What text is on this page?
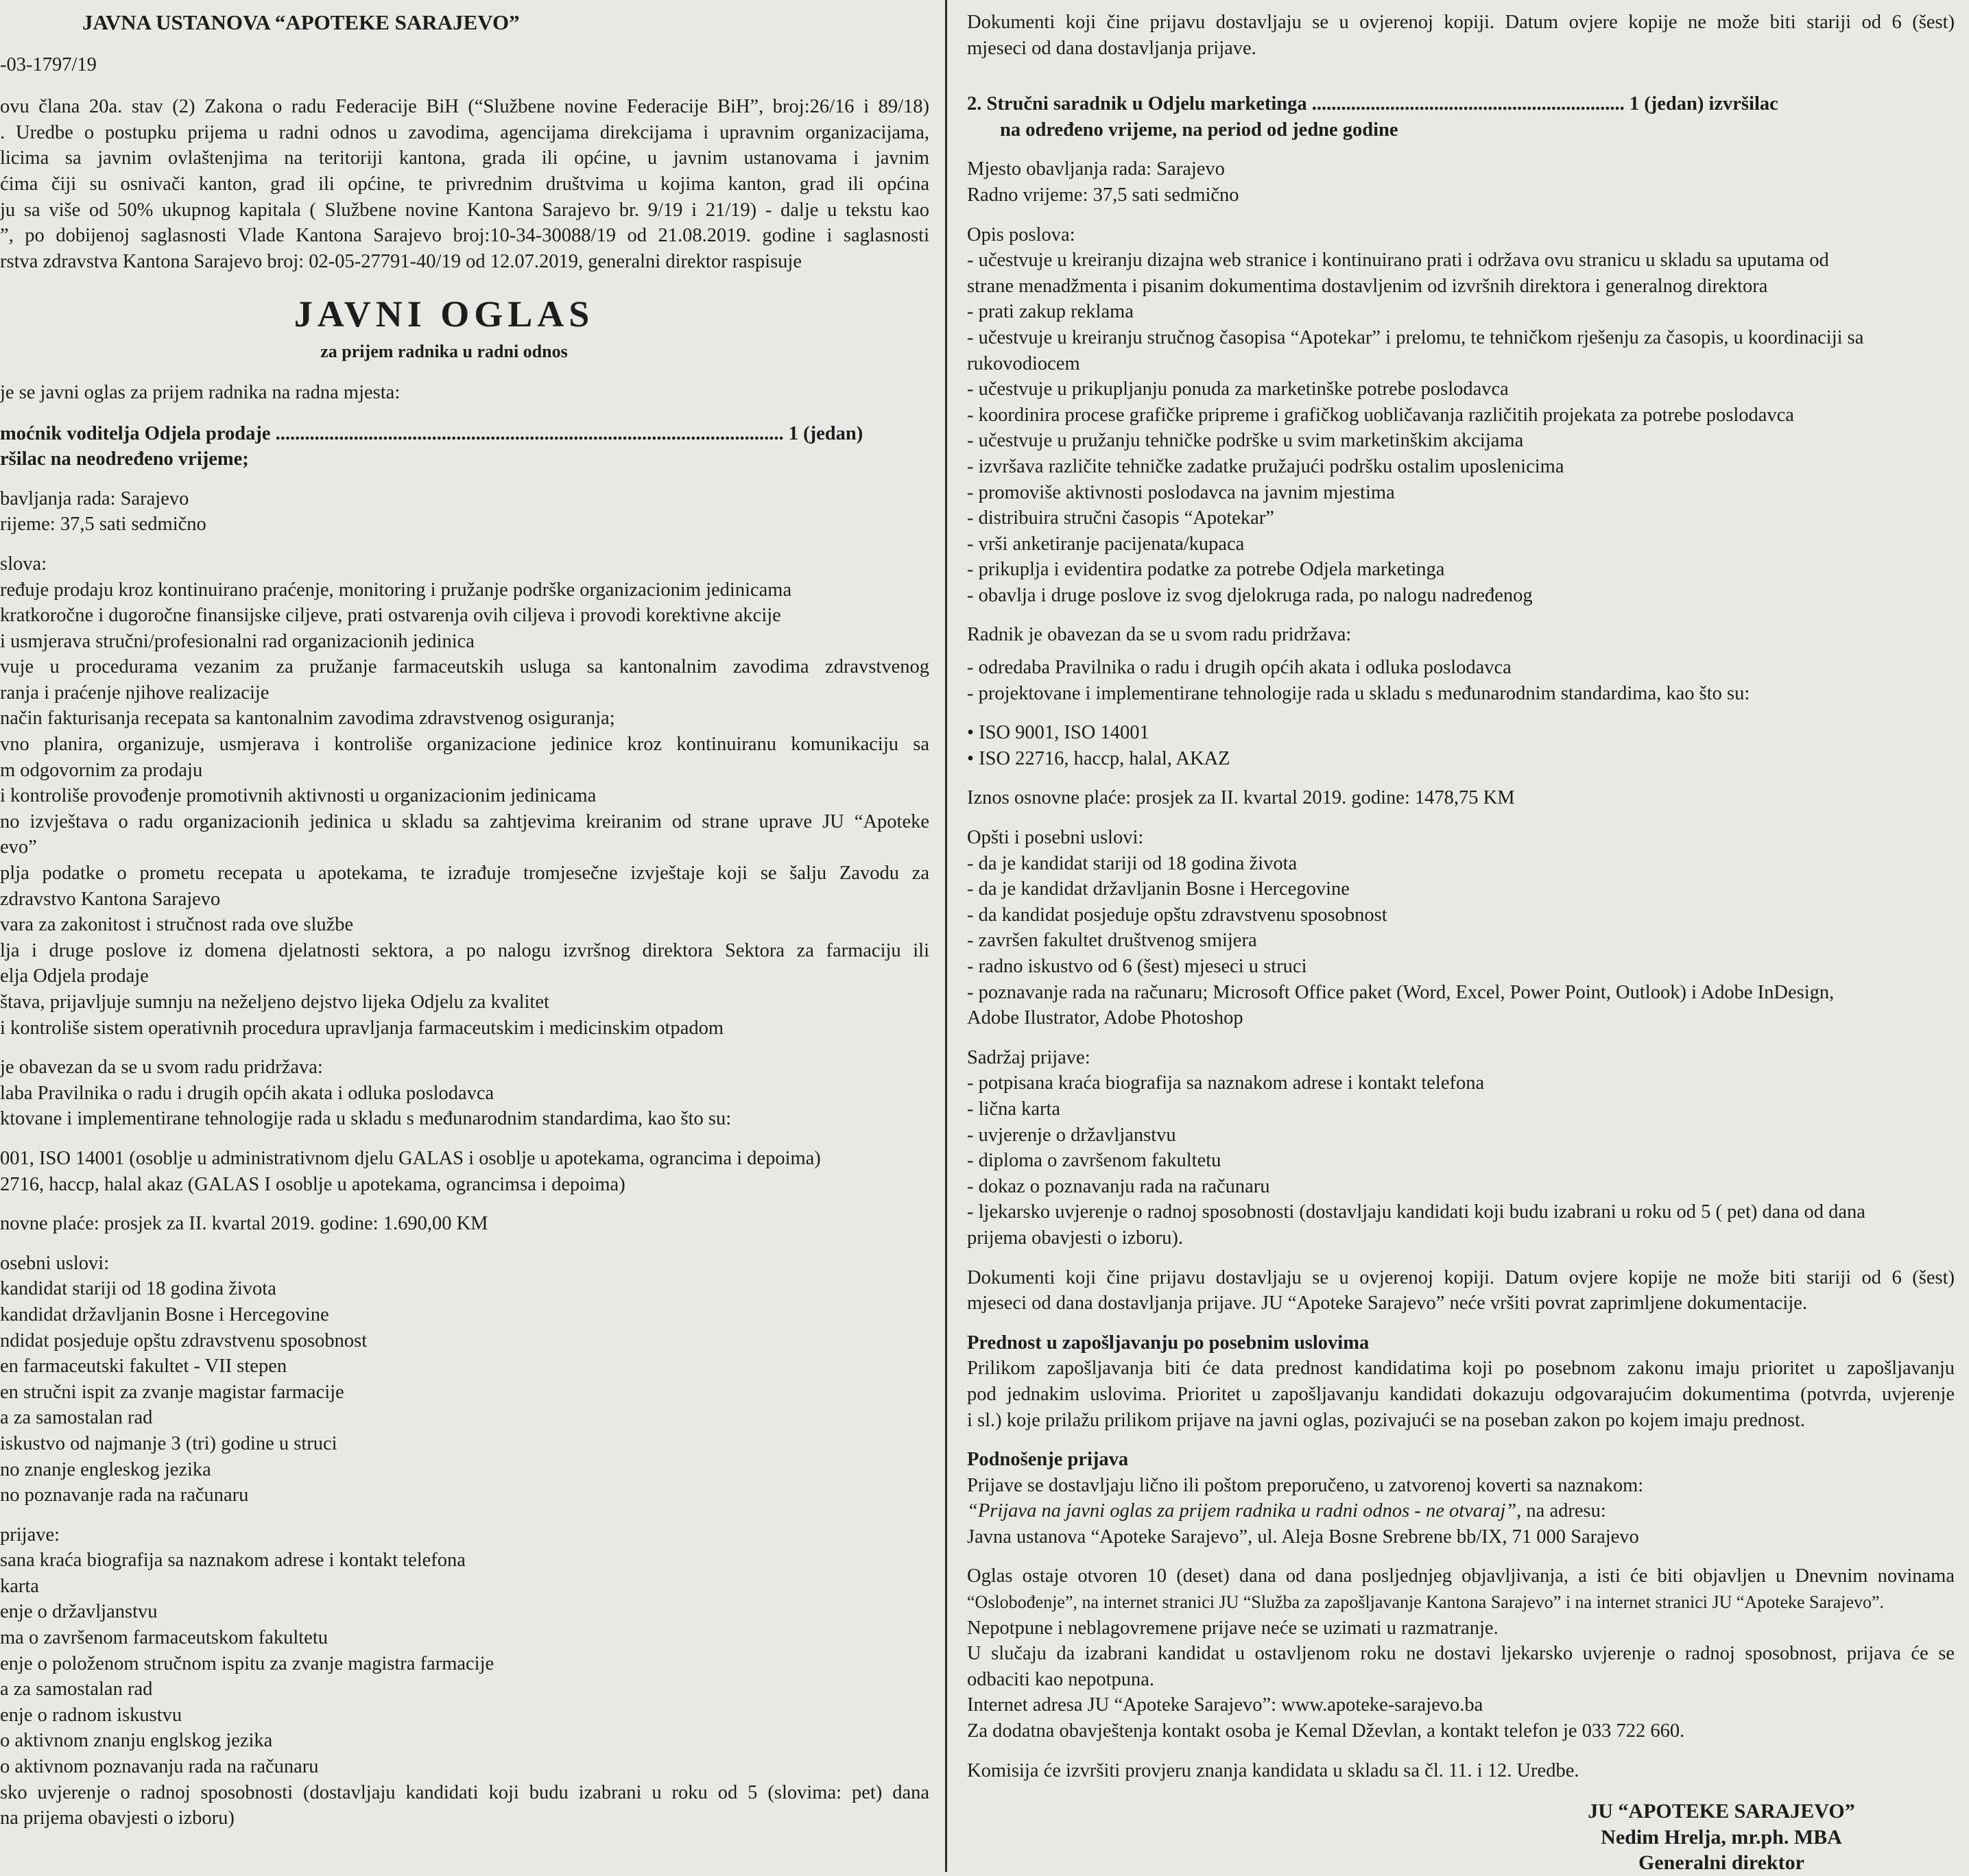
JAVNA USTANOVA “APOTEKE SARAJEVO”

-03-1797/19

ovu člana 20a. stav (2) Zakona o radu Federacije BiH (“Službene novine Federacije BiH”, broj:26/16 i 89/18)

. Uredbe o postupku prijema u radni odnos u zavodima, agencijama direkcijama i upravnim organizacijama,

licima sa javnim ovlaštenjima na teritoriji kantona, grada ili općine, u javnim ustanovama i javnim

ćima čiji su osnivači kanton, grad ili općine, te privrednim društvima u kojima kanton, grad ili općina

ju sa više od 50% ukupnog kapitala ( Službene novine Kantona Sarajevo br. 9/19 i 21/19) - dalje u tekstu kao

”, po dobijenoj saglasnosti Vlade Kantona Sarajevo broj:10-34-30088/19 od 21.08.2019. godine i saglasnosti

rstva zdravstva Kantona Sarajevo broj: 02-05-27791-40/19 od 12.07.2019, generalni direktor raspisuje

JAVNI OGLAS

za prijem radnika u radni odnos

je se javni oglas za prijem radnika na radna mjesta:

moćnik voditelja Odjela prodaje ........................................................................................................ 1 (jedan)

ršilac na neodređeno vrijeme;

bavljanja rada: Sarajevo

rijeme: 37,5 sati sedmično

slova:

ređuje prodaju kroz kontinuirano praćenje, monitoring i pružanje podrške organizacionim jedinicama

kratkoročne i dugoročne finansijske ciljeve, prati ostvarenja ovih ciljeva i provodi korektivne akcije

i usmjerava stručni/profesionalni rad organizacionih jedinica

vuje u procedurama vezanim za pružanje farmaceutskih usluga sa kantonalnim zavodima zdravstvenog

ranja i praćenje njihove realizacije

način fakturisanja recepata sa kantonalnim zavodima zdravstvenog osiguranja;

vno planira, organizuje, usmjerava i kontroliše organizacione jedinice kroz kontinuiranu komunikaciju sa

m odgovornim za prodaju

i kontroliše provođenje promotivnih aktivnosti u organizacionim jedinicama

no izvještava o radu organizacionih jedinica u skladu sa zahtjevima kreiranim od strane uprave JU “Apoteke

evo”

plja podatke o prometu recepata u apotekama, te izrađuje tromjesečne izvještaje koji se šalju Zavodu za

zdravstvo Kantona Sarajevo

vara za zakonitost i stručnost rada ove službe

lja i druge poslove iz domena djelatnosti sektora, a po nalogu izvršnog direktora Sektora za farmaciju ili

elja Odjela prodaje

štava, prijavljuje sumnju na neželjeno dejstvo lijeka Odjelu za kvalitet

i kontroliše sistem operativnih procedura upravljanja farmaceutskim i medicinskim otpadom

je obavezan da se u svom radu pridržava:

laba Pravilnika o radu i drugih općih akata i odluka poslodavca

ktovane i implementirane tehnologije rada u skladu s međunarodnim standardima, kao što su:

001, ISO 14001 (osoblje u administrativnom djelu GALAS i osoblje u apotekama, ograncima i depoima)

2716, haccp, halal akaz (GALAS I osoblje u apotekama, ograncimsa i depoima)

novne plaće: prosjek za II. kvartal 2019. godine: 1.690,00 KM

osebni uslovi:

kandidat stariji od 18 godina života

kandidat državljanin Bosne i Hercegovine

ndidat posjeduje opštu zdravstvenu sposobnost

en farmaceutski fakultet - VII stepen

en stručni ispit za zvanje magistar farmacije

a za samostalan rad

iskustvo od najmanje 3 (tri) godine u struci

no znanje engleskog jezika

no poznavanje rada na računaru

prijave:

sana kraća biografija sa naznakom adrese i kontakt telefona

karta

enje o državljanstvu

ma o završenom farmaceutskom fakultetu

enje o položenom stručnom ispitu za zvanje magistra farmacije

a za samostalan rad

enje o radnom iskustvu

o aktivnom znanju englskog jezika

o aktivnom poznavanju rada na računaru

sko uvjerenje o radnoj sposobnosti (dostavljaju kandidati koji budu izabrani u roku od 5 (slovima: pet) dana

na prijema obavjesti o izboru)

Dokumenti koji čine prijavu dostavljaju se u ovjerenoj kopiji. Datum ovjere kopije ne može biti stariji od 6 (šest)

mjeseci od dana dostavljanja prijave.

2. Stručni saradnik u Odjelu marketinga ................................................................ 1 (jedan) izvršilac

na određeno vrijeme, na period od jedne godine

Mjesto obavljanja rada: Sarajevo

Radno vrijeme: 37,5 sati sedmično

Opis poslova:

- učestvuje u kreiranju dizajna web stranice i kontinuirano prati i održava ovu stranicu u skladu sa uputama od

strane menadžmenta i pisanim dokumentima dostavljenim od izvršnih direktora i generalnog direktora

- prati zakup reklama

- učestvuje u kreiranju stručnog časopisa “Apotekar” i prelomu, te tehničkom rješenju za časopis, u koordinaciji sa

rukovodiocem

- učestvuje u prikupljanju ponuda za marketinške potrebe poslodavca

- koordinira procese grafičke pripreme i grafičkog uobličavanja različitih projekata za potrebe poslodavca

- učestvuje u pružanju tehničke podrške u svim marketinškim akcijama

- izvršava različite tehničke zadatke pružajući podršku ostalim uposlenicima

- promoviše aktivnosti poslodavca na javnim mjestima

- distribuira stručni časopis “Apotekar”

- vrši anketiranje pacijenata/kupaca

- prikuplja i evidentira podatke za potrebe Odjela marketinga

- obavlja i druge poslove iz svog djelokruga rada, po nalogu nadređenog

Radnik je obavezan da se u svom radu pridržava:

- odredaba Pravilnika o radu i drugih općih akata i odluka poslodavca

- projektovane i implementirane tehnologije rada u skladu s međunarodnim standardima, kao što su:

• ISO 9001, ISO 14001

• ISO 22716, haccp, halal, AKAZ

Iznos osnovne plaće: prosjek za II. kvartal 2019. godine: 1478,75 KM

Opšti i posebni uslovi:

- da je kandidat stariji od 18 godina života

- da je kandidat državljanin Bosne i Hercegovine

- da kandidat posjeduje opštu zdravstvenu sposobnost

- završen fakultet društvenog smijera

- radno iskustvo od 6 (šest) mjeseci u struci

- poznavanje rada na računaru; Microsoft Office paket (Word, Excel, Power Point, Outlook) i Adobe InDesign,

Adobe Ilustrator, Adobe Photoshop

Sadržaj prijave:

- potpisana kraća biografija sa naznakom adrese i kontakt telefona

- lična karta

- uvjerenje o državljanstvu

- diploma o završenom fakultetu

- dokaz o poznavanju rada na računaru

- ljekarsko uvjerenje o radnoj sposobnosti (dostavljaju kandidati koji budu izabrani u roku od 5 ( pet) dana od dana

prijema obavjesti o izboru).

Dokumenti koji čine prijavu dostavljaju se u ovjerenoj kopiji. Datum ovjere kopije ne može biti stariji od 6 (šest)

mjeseci od dana dostavljanja prijave. JU “Apoteke Sarajevo” neće vršiti povrat zaprimljene dokumentacije.

Prednost u zapošljavanju po posebnim uslovima

Prilikom zapošljavanja biti će data prednost kandidatima koji po posebnom zakonu imaju prioritet u zapošljavanju

pod jednakim uslovima. Prioritet u zapošljavanju kandidati dokazuju odgovarajućim dokumentima (potvrda, uvjerenje

i sl.) koje prilažu prilikom prijave na javni oglas, pozivajući se na poseban zakon po kojem imaju prednost.

Podnošenje prijava

Prijave se dostavljaju lično ili poštom preporučeno, u zatvorenoj koverti sa naznakom:

“Prijava na javni oglas za prijem radnika u radni odnos - ne otvaraj”, na adresu:

Javna ustanova “Apoteke Sarajevo”, ul. Aleja Bosne Srebrene bb/IX, 71 000 Sarajevo

Oglas ostaje otvoren 10 (deset) dana od dana posljednjeg objavljivanja, a isti će biti objavljen u Dnevnim novinama

“Oslobođenje”, na internet stranici JU “Služba za zapošljavanje Kantona Sarajevo” i na internet stranici JU “Apoteke Sarajevo”.

Nepotpune i neblagovremene prijave neće se uzimati u razmatranje.

U slučaju da izabrani kandidat u ostavljenom roku ne dostavi ljekarsko uvjerenje o radnoj sposobnost, prijava će se

odbaciti kao nepotpuna.

Internet adresa JU “Apoteke Sarajevo”: www.apoteke-sarajevo.ba

Za dodatna obavještenja kontakt osoba je Kemal Dževlan, a kontakt telefon je 033 722 660.

Komisija će izvršiti provjeru znanja kandidata u skladu sa čl. 11. i 12. Uredbe.

JU “APOTEKE SARAJEVO”

Nedim Hrelja, mr.ph. MBA

Generalni direktor
